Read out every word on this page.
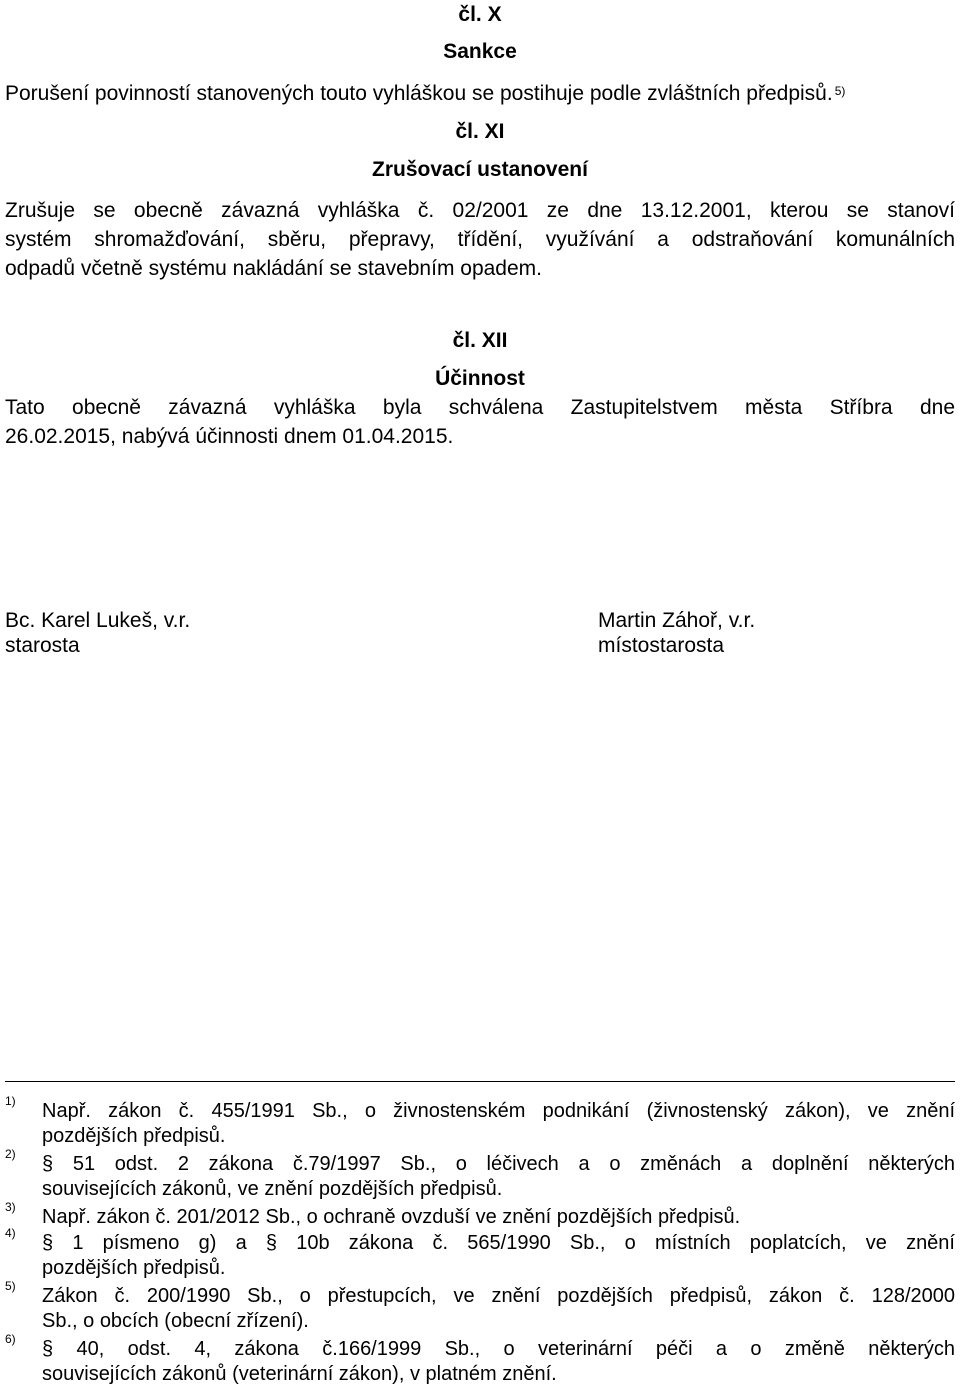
čl. X
Sankce
Porušení povinností stanovených touto vyhláškou se postihuje podle zvláštních předpisů. $^{5)}$
čl. XI
Zrušovací ustanovení
Zrušuje se obecně závazná vyhláška č. 02/2001 ze dne 13.12.2001, kterou se stanoví
systém shromažďování, sběru, přepravy, třídění, využívání a odstraňování komunálních
odpadů včetně systému nakládání se stavebním opadem.
čl. XII
Účinnost
Tato obecně závazná vyhláška byla schválena Zastupitelstvem města Stříbra dne
26.02.2015, nabývá účinnosti dnem 01.04.2015.
Bc. Karel Lukeš, v.r.
starosta
Martin Záhoř, v.r.
místostarosta
1) Např. zákon č. 455/1991 Sb., o živnostenském podnikání (živnostenský zákon), ve znění
pozdějších předpisů.
2) § 51 odst. 2 zákona č.79/1997 Sb., o léčivech a o změnách a doplnění některých
souvisejících zákonů, ve znění pozdějších předpisů.
3) Např. zákon č. 201/2012 Sb., o ochraně ovzduší ve znění pozdějších předpisů.
4) § 1 písmeno g) a § 10b zákona č. 565/1990 Sb., o místních poplatcích, ve znění
pozdějších předpisů.
5) Zákon č. 200/1990 Sb., o přestupcích, ve znění pozdějších předpisů, zákon č. 128/2000
Sb., o obcích (obecní zřízení).
6) § 40, odst. 4, zákona č.166/1999 Sb., o veterinární péči a o změně některých
souvisejících zákonů (veterinární zákon), v platném znění.
